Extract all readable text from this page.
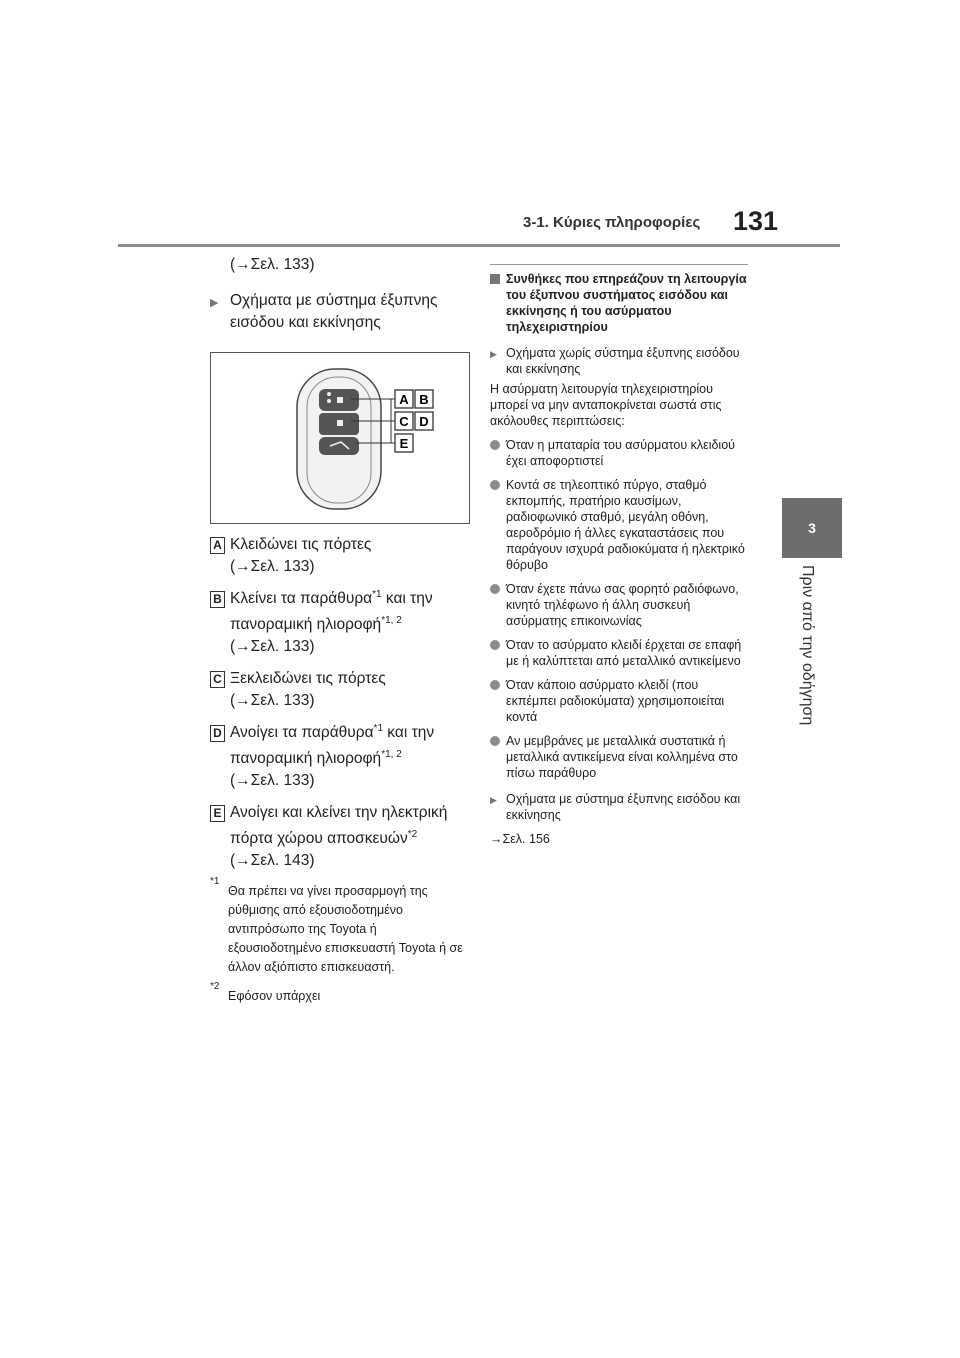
3-1. Κύριες πληροφορίες 131
3
Πριν από την οδήγηση
(→Σελ. 133)
▶ Οχήματα με σύστημα έξυπνης εισόδου και εκκίνησης
A B
C D
E
A Κλειδώνει τις πόρτες
(→Σελ. 133)
B Κλείνει τα παράθυρα$^{*1}$ και την
πανοραμική ηλιοροφή$^{*1, 2}$
(→Σελ. 133)
C Ξεκλειδώνει τις πόρτες
(→Σελ. 133)
D Ανοίγει τα παράθυρα$^{*1}$ και την
πανοραμική ηλιοροφή$^{*1, 2}$
(→Σελ. 133)
E Ανοίγει και κλείνει την ηλεκτρική
πόρτα χώρου αποσκευών$^{*2}$
(→Σελ. 143)
*1
Θα πρέπει να γίνει προσαρμογή της ρύθμισης από εξουσιοδοτημένο αντιπρόσωπο της Toyota ή εξουσιοδοτημένο επισκευαστή Toyota ή σε άλλον αξιόπιστο επισκευαστή.
*2
Εφόσον υπάρχει
Συνθήκες που επηρεάζουν τη λειτουργία του έξυπνου συστήματος εισόδου και εκκίνησης ή του ασύρματου τηλεχειριστηρίου
▶ Οχήματα χωρίς σύστημα έξυπνης εισόδου και εκκίνησης
Η ασύρματη λειτουργία τηλεχειριστηρίου μπορεί να μην ανταποκρίνεται σωστά στις ακόλουθες περιπτώσεις:
Όταν η μπαταρία του ασύρματου κλειδιού έχει αποφορτιστεί
Κοντά σε τηλεοπτικό πύργο, σταθμό εκπομπής, πρατήριο καυσίμων, ραδιοφωνικό σταθμό, μεγάλη οθόνη, αεροδρόμιο ή άλλες εγκαταστάσεις που παράγουν ισχυρά ραδιοκύματα ή ηλεκτρικό θόρυβο
Όταν έχετε πάνω σας φορητό ραδιόφωνο, κινητό τηλέφωνο ή άλλη συσκευή ασύρματης επικοινωνίας
Όταν το ασύρματο κλειδί έρχεται σε επαφή με ή καλύπτεται από μεταλλικό αντικείμενο
Όταν κάποιο ασύρματο κλειδί (που εκπέμπει ραδιοκύματα) χρησιμοποιείται κοντά
Αν μεμβράνες με μεταλλικά συστατικά ή μεταλλικά αντικείμενα είναι κολλημένα στο πίσω παράθυρο
▶ Οχήματα με σύστημα έξυπνης εισόδου και εκκίνησης
→Σελ. 156
